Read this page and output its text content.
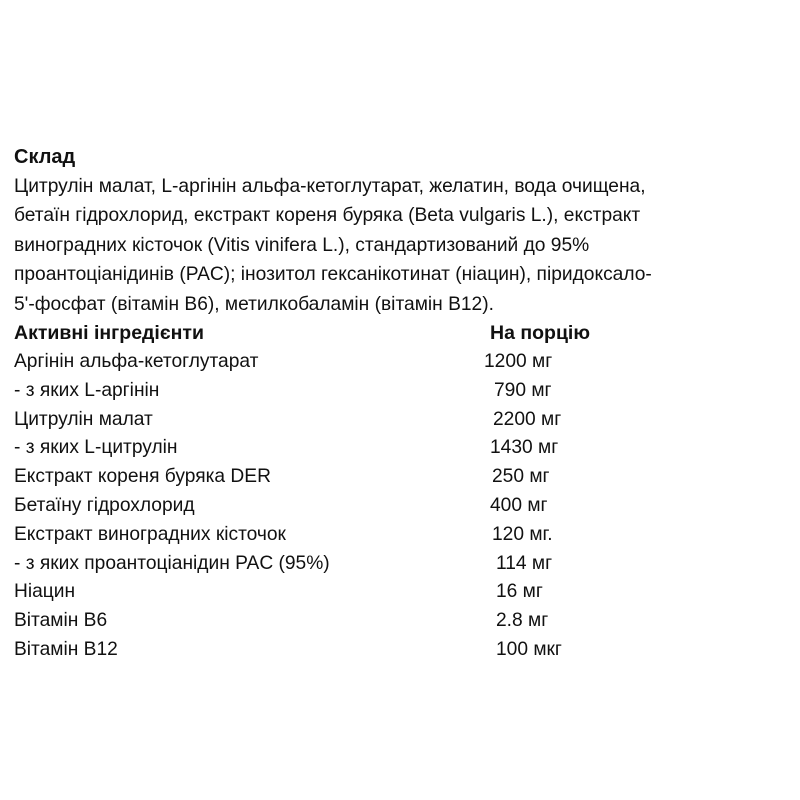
Склад
Цитрулін малат, L-аргінін альфа-кетоглутарат, желатин, вода очищена,
бетаїн гідрохлорид, екстракт кореня буряка (Beta vulgaris L.), екстракт
виноградних кісточок (Vitis vinifera L.), стандартизований до 95%
проантоціанідинів (PAC); інозитол гексанікотинат (ніацин), піридоксало-
5'-фосфат (вітамін B6), метилкобаламін (вітамін B12).
Активні інгредієнти	На порцію
Аргінін альфа-кетоглутарат	1200 мг
- з яких L-аргінін	790 мг
Цитрулін малат	2200 мг
- з яких L-цитрулін	1430 мг
Екстракт кореня буряка DER	250 мг
Бетаїну гідрохлорид	400 мг
Екстракт виноградних кісточок	120 мг.
- з яких проантоціанідин PAC (95%)	114 мг
Ніацин	16 мг
Вітамін B6	2.8 мг
Вітамін B12	100 мкг
